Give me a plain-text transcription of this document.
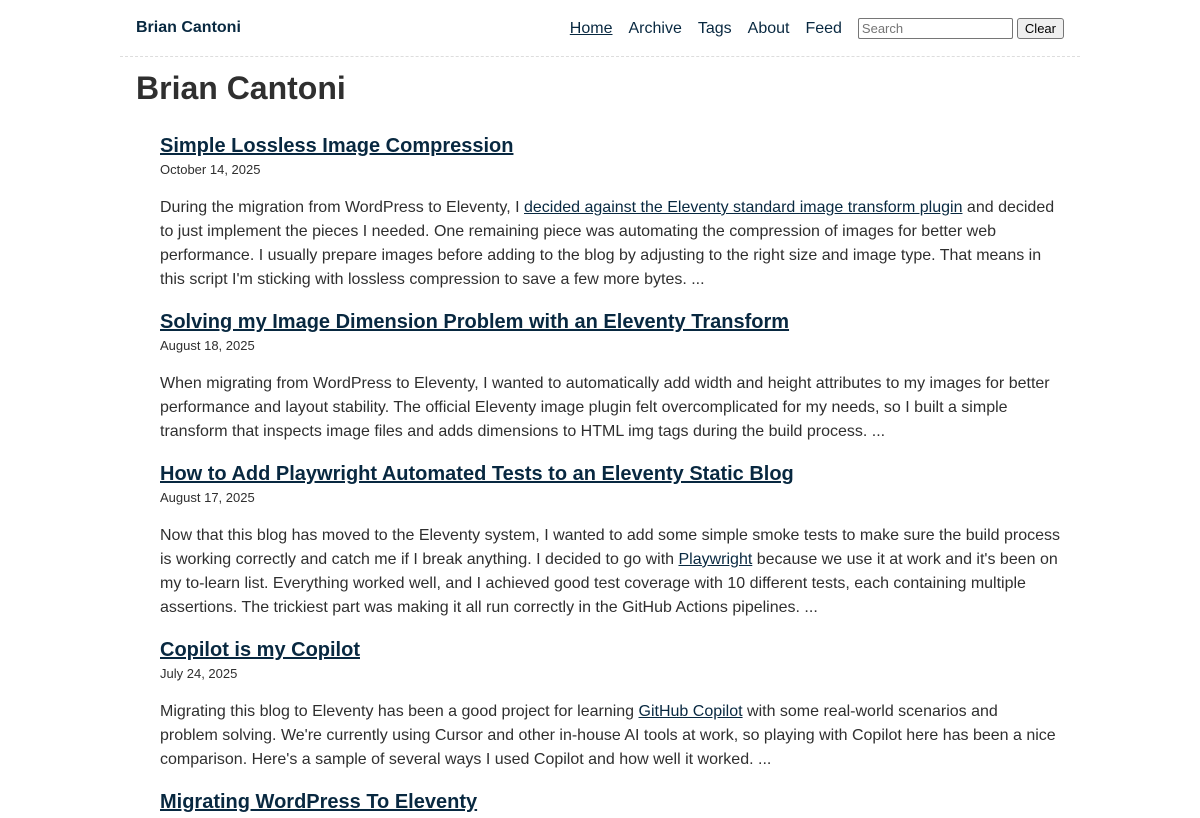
Brian Cantoni	Home Archive Tags About Feed
Search	Clear
Brian Cantoni
Simple Lossless Image Compression
October 14, 2025

During the migration from WordPress to Eleventy, I decided against the Eleventy standard image transform plugin and decided to just implement the pieces I needed. One remaining piece was automating the compression of images for better web performance. I usually prepare images before adding to the blog by adjusting to the right size and image type. That means in this script I'm sticking with lossless compression to save a few more bytes. ...

Solving my Image Dimension Problem with an Eleventy Transform
August 18, 2025

When migrating from WordPress to Eleventy, I wanted to automatically add width and height attributes to my images for better performance and layout stability. The official Eleventy image plugin felt overcomplicated for my needs, so I built a simple transform that inspects image files and adds dimensions to HTML img tags during the build process. ...

How to Add Playwright Automated Tests to an Eleventy Static Blog
August 17, 2025

Now that this blog has moved to the Eleventy system, I wanted to add some simple smoke tests to make sure the build process is working correctly and catch me if I break anything. I decided to go with Playwright because we use it at work and it's been on my to-learn list. Everything worked well, and I achieved good test coverage with 10 different tests, each containing multiple assertions. The trickiest part was making it all run correctly in the GitHub Actions pipelines. ...

Copilot is my Copilot
July 24, 2025

Migrating this blog to Eleventy has been a good project for learning GitHub Copilot with some real-world scenarios and problem solving. We're currently using Cursor and other in-house AI tools at work, so playing with Copilot here has been a nice comparison. Here's a sample of several ways I used Copilot and how well it worked. ...

Migrating WordPress To Eleventy
